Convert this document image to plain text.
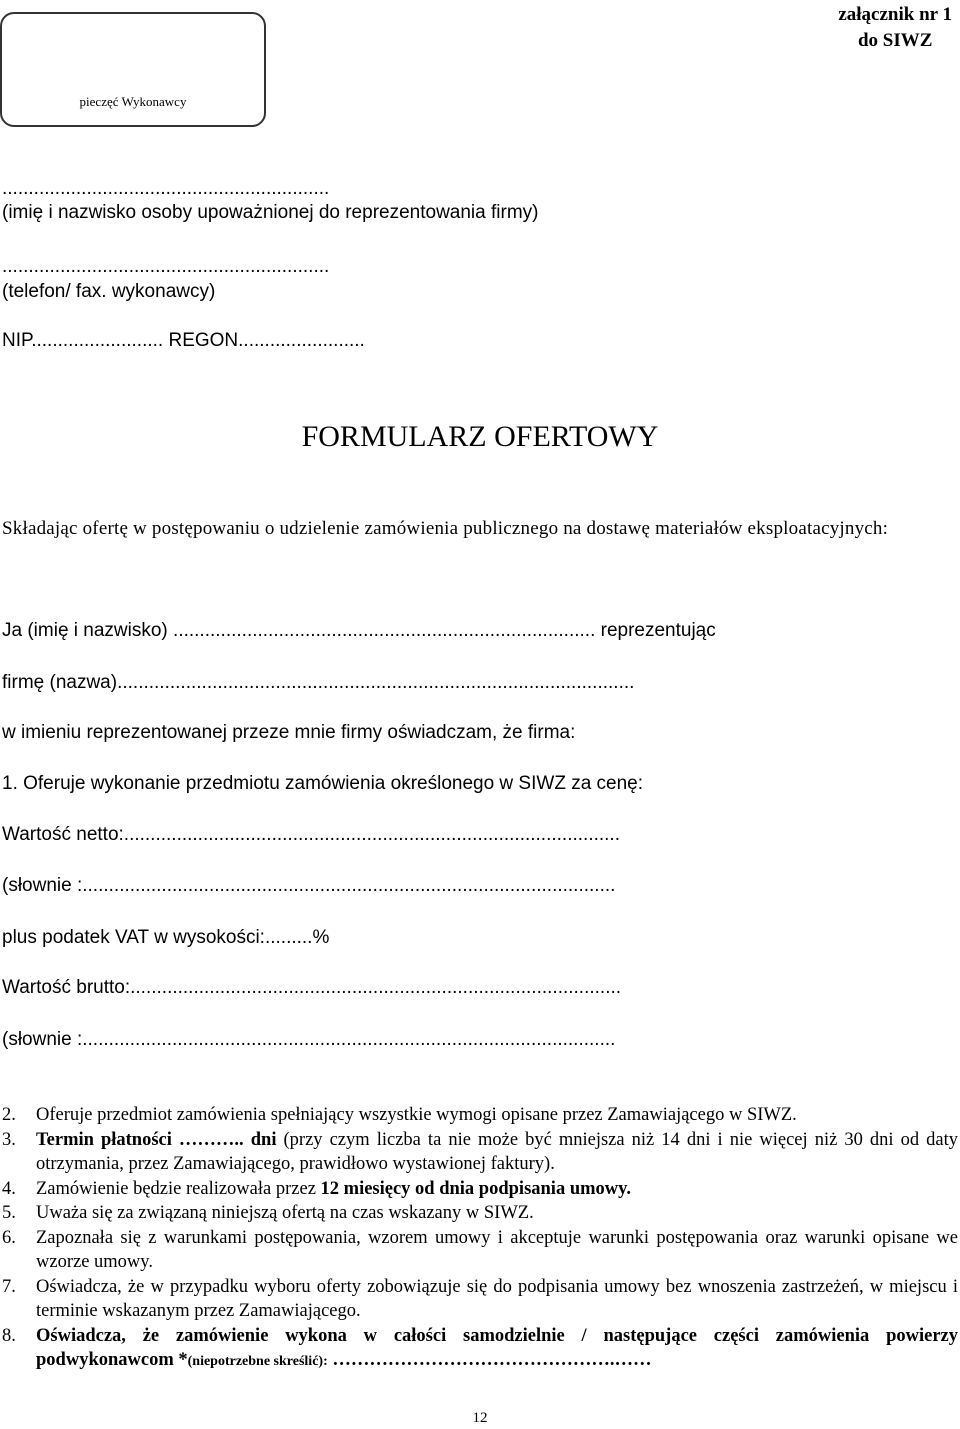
załącznik nr 1
do SIWZ
pieczęć Wykonawcy
..............................................................
(imię i nazwisko osoby upoważnionej do reprezentowania firmy)
..............................................................
(telefon/ fax. wykonawcy)
NIP......................... REGON........................
FORMULARZ OFERTOWY
Składając ofertę w postępowaniu o udzielenie zamówienia publicznego na dostawę materiałów eksploatacyjnych:
Ja (imię i nazwisko) ................................................................................ reprezentując
firmę (nazwa)..................................................................................................
w imieniu reprezentowanej przeze mnie firmy oświadczam, że firma:
1. Oferuje wykonanie przedmiotu zamówienia określonego w SIWZ za cenę:
Wartość netto:..............................................................................................
(słownie :.....................................................................................................
plus podatek VAT w wysokości:.........%
Wartość brutto:.............................................................................................
(słownie :.....................................................................................................
2.	Oferuje przedmiot zamówienia spełniający wszystkie wymogi opisane przez Zamawiającego w SIWZ.
3.	Termin płatności ……….. dni (przy czym liczba ta nie może być mniejsza niż 14 dni i nie więcej niż 30 dni od daty otrzymania, przez Zamawiającego, prawidłowo wystawionej faktury).
4.	Zamówienie będzie realizowała przez 12 miesięcy od dnia podpisania umowy.
5.	Uważa się za związaną niniejszą ofertą na czas wskazany w SIWZ.
6.	Zapoznała się z warunkami postępowania, wzorem umowy i akceptuje warunki postępowania oraz warunki opisane we wzorze umowy.
7.	Oświadcza, że w przypadku wyboru oferty zobowiązuje się do podpisania umowy bez wnoszenia zastrzeżeń, w miejscu i terminie wskazanym przez Zamawiającego.
8.	Oświadcza, że zamówienie wykona w całości samodzielnie / następujące części zamówienia powierzy podwykonawcom *(niepotrzebne skreślić): ……………………………………….……
12
